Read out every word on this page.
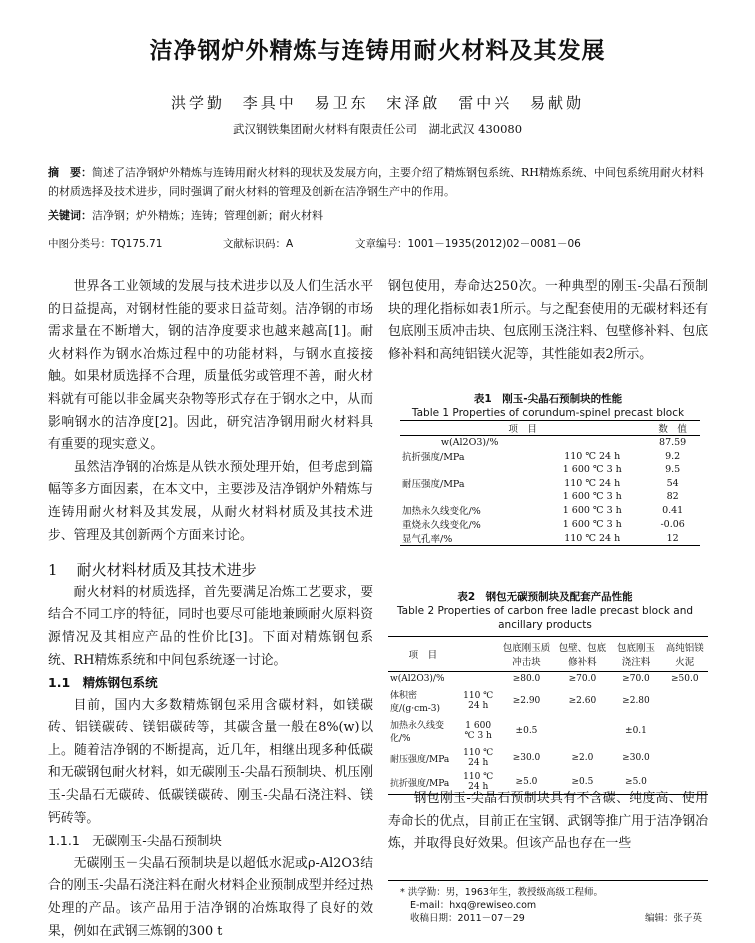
洁净钢炉外精炼与连铸用耐火材料及其发展
洪学勤 李具中 易卫东 宋泽啟 雷中兴 易献勋
武汉钢铁集团耐火材料有限责任公司　湖北武汉 430080
摘　要：简述了洁净钢炉外精炼与连铸用耐火材料的现状及发展方向，主要介绍了精炼钢包系统、RH精炼系统、中间包系统用耐火材料的材质选择及技术进步，同时强调了耐火材料的管理及创新在洁净钢生产中的作用。
关键词：洁净钢；炉外精炼；连铸；管理创新；耐火材料
中图分类号：TQ175.71	文献标识码：A	文章编号：1001－1935(2012)02－0081－06

世界各工业领域的发展与技术进步以及人们生活水平的日益提高，对钢材性能的要求日益苛刻。洁净钢的市场需求量在不断增大，钢的洁净度要求也越来越高[1]。耐火材料作为钢水冶炼过程中的功能材料，与钢水直接接触。如果材质选择不合理，质量低劣或管理不善，耐火材料就有可能以非金属夹杂物等形式存在于钢水之中，从而影响钢水的洁净度[2]。因此，研究洁净钢用耐火材料具有重要的现实意义。

虽然洁净钢的冶炼是从铁水预处理开始，但考虑到篇幅等多方面因素，在本文中，主要涉及洁净钢炉外精炼与连铸用耐火材料及其发展，从耐火材料材质及其技术进步、管理及其创新两个方面来讨论。

1 耐火材料材质及其技术进步

耐火材料的材质选择，首先要满足冶炼工艺要求，要结合不同工序的特征，同时也要尽可能地兼顾耐火原料资源情况及其相应产品的性价比[3]。下面对精炼钢包系统、RH精炼系统和中间包系统逐一讨论。

1.1　精炼钢包系统

目前，国内大多数精炼钢包采用含碳材料，如镁碳砖、铝镁碳砖、镁铝碳砖等，其碳含量一般在8%(w)以上。随着洁净钢的不断提高，近几年，相继出现多种低碳和无碳钢包耐火材料，如无碳刚玉-尖晶石预制块、机压刚玉-尖晶石无碳砖、低碳镁碳砖、刚玉-尖晶石浇注料、镁钙砖等。

1.1.1　无碳刚玉-尖晶石预制块

无碳刚玉－尖晶石预制块是以超低水泥或ρ-Al2O3结合的刚玉-尖晶石浇注料在耐火材料企业预制成型并经过热处理的产品。该产品用于洁净钢的冶炼取得了良好的效果，例如在武钢三炼钢的300 t

钢包使用，寿命达250次。一种典型的刚玉-尖晶石预制块的理化指标如表1所示。与之配套使用的无碳材料还有包底刚玉质冲击块、包底刚玉浇注料、包壁修补料、包底修补料和高纯铝镁火泥等，其性能如表2所示。

表1　刚玉-尖晶石预制块的性能
Table 1 Properties of corundum-spinel precast block
项　目		数　值
w(Al2O3)/%		87.59
抗折强度/MPa	110 ℃ 24 h	9.2
	1 600 ℃ 3 h	9.5
耐压强度/MPa	110 ℃ 24 h	54
	1 600 ℃ 3 h	82
加热永久线变化/%	1 600 ℃ 3 h	0.41
重烧永久线变化/%	1 600 ℃ 3 h	-0.06
显气孔率/%	110 ℃ 24 h	12
表2　钢包无碳预制块及配套产品性能
Table 2 Properties of carbon free ladle precast block and ancillary products
项　目		包底刚玉质冲击块	包壁、包底修补料	包底刚玉浇注料	高纯铝镁火泥
w(Al2O3)/%		≥80.0	≥70.0	≥70.0	≥50.0
体积密度/(g·cm-3)	110 ℃ 24 h	≥2.90	≥2.60	≥2.80	
加热永久线变化/%	1 600 ℃ 3 h	±0.5		±0.1	
耐压强度/MPa	110 ℃ 24 h	≥30.0	≥2.0	≥30.0	
抗折强度/MPa	110 ℃ 24 h	≥5.0	≥0.5	≥5.0	

钢包刚玉-尖晶石预制块具有不含碳、纯度高、使用寿命长的优点，目前正在宝钢、武钢等推广用于洁净钢冶炼，并取得良好效果。但该产品也存在一些

* 洪学勤：男，1963年生，教授级高级工程师。
E-mail：hxq@rewiseo.com
收稿日期：2011－07－29	编辑：张子英
